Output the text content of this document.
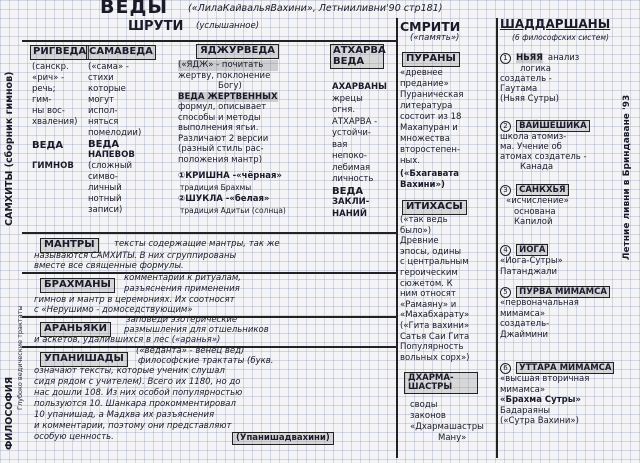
ВЕДЫ («ЛилаКайвальяВахини», Летнииливни'90 стр181)
ШРУТИ (услышанное)	СМРИТИ
(«память»)
ШАДДАРШАНЫ
(6 философских систем)
САМХИТЫ (сборник гимнов)
ФИЛОСОФИЯ
Глубоко ведические трактаты
Летние ливни в Бриндаване '93
РИГВЕДА
(санскр.
«рич» -
речь;
гим-
ны вос-
хваления)
ВЕДА
ГИМНОВ
САМАВЕДА
(«сама» -
стихи
которые
могут
испол-
няться
помелодии)
ВЕДА
НАПЕВОВ
(сложный
симво-
личный
нотный
записи)
ЯДЖУРВЕДА
(«ЯДЖ» - почитать
жертву, поклонение
Богу)
ВЕДА ЖЕРТВЕННЫХ
формул, описывает
способы и методы
выполнения ягьи.
Различают 2 версии
(разный стиль рас-
положения мантр)
①КРИШНА -«чёрная»
традиция Брахмы
②ШУКЛА -«белая»
традиция Адитьи (солнца)
АТХАРВА ВЕДА
АХАРВАНЫ
жрецы
огня.
АТХАРВА -
устойчи-
вая
непоко-
лебимая
личность
ВЕДА
ЗАКЛИ-
НАНИЙ
МАНТРЫ	тексты содержащие мантры, так же
называются САМХИТЫ. В них сгруппированы
вместе все священные формулы.
БРАХМАНЫ
комментарии к ритуалам,
разъяснения применения
гимнов и мантр в церемониях. Их соотносят
с «Нерушимо - домоседствующим»
АРАНЬЯКИ
заповеди эзотерические
размышления для отшельников
и аскетов, удалившихся в лес («аранья»)
УПАНИШАДЫ
(«веданта» - венец вед)
философские трактаты (букв.
означают тексты, которые ученик слушал
сидя рядом с учителем). Всего их 1180, но до
нас дошли 108. Из них особой популярностью
пользуются 10. Шанкара прокомментировал
10 упанишад, а Мадхва их разъяснения
и комментарии, поэтому они представляют
особую ценность.	(Упанишадвахини)
ПУРАНЫ
«древнее
предание»
Пураническая
литература
состоит из 18
Махапуран и
множества
второстепен-
ных.
(«Бхагавата
Вахини»)
ИТИХАСЫ
(«так ведь
было»)
Древние
эпосы, одины
с центральным
героическим
сюжетом. К
ним относят
«Рамаяну» и
«Махабхарату»
(«Гита вахини»
Сатья Саи Гита
Популярность
вольных сорх»)
ДХАРМА-ШАСТРЫ
своды
законов
«Дхармашастры
Ману»
1 НЬЯЯ анализ
логика
создатель -
Гаутама
(Ньяя Сутры)
2 ВАЙШЕШИКА
школа атомиз-
ма. Учение об
атомах создатель -
Канада
3 САНКХЬЯ
«исчисление»
основана
Капилой
4 ЙОГА
«Йога-Сутры»
Патанджали
5 ПУРВА МИМАМСА
«первоначальная
мимамса»
создатель-
Джаймини
6 УТТАРА МИМАМСА
«высшая вторичная
мимамса»
«Брахма Сутры»
Бадараяны
(«Сутра Вахини»)
